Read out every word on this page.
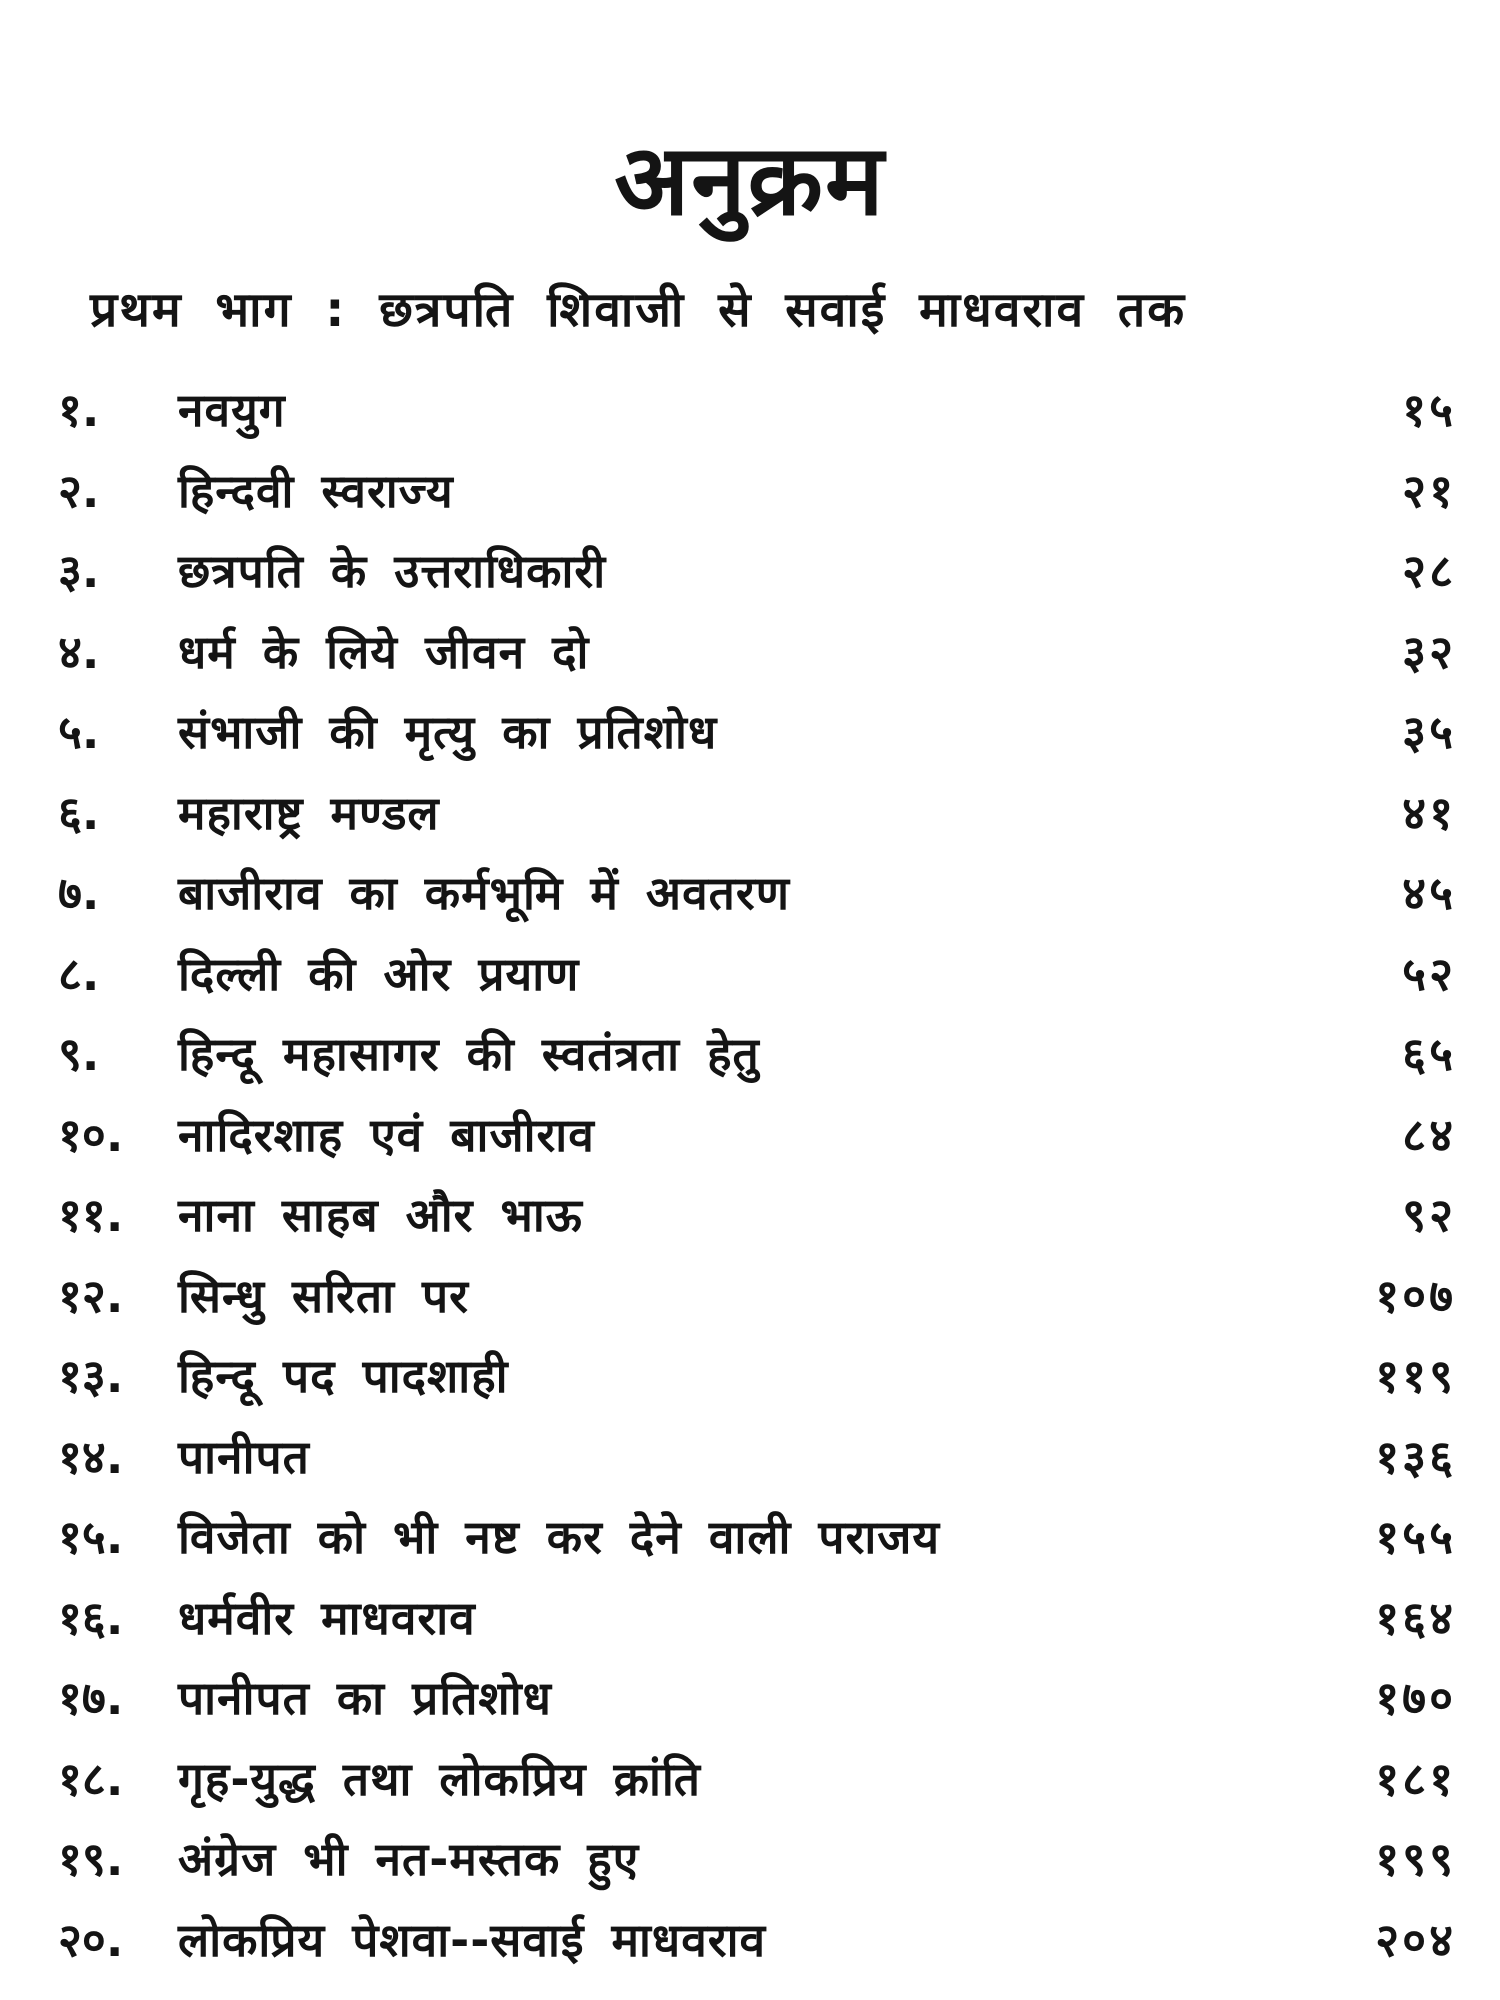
अनुक्रम
प्रथम भाग : छत्रपति शिवाजी से सवाई माधवराव तक
१. नवयुग	१५
२. हिन्दवी स्वराज्य	२१
३. छत्रपति के उत्तराधिकारी	२८
४. धर्म के लिये जीवन दो	३२
५. संभाजी की मृत्यु का प्रतिशोध	३५
६. महाराष्ट्र मण्डल	४१
७. बाजीराव का कर्मभूमि में अवतरण	४५
८. दिल्ली की ओर प्रयाण	५२
९. हिन्दू महासागर की स्वतंत्रता हेतु	६५
१०. नादिरशाह एवं बाजीराव	८४
११. नाना साहब और भाऊ	९२
१२. सिन्धु सरिता पर	१०७
१३. हिन्दू पद पादशाही	११९
१४. पानीपत	१३६
१५. विजेता को भी नष्ट कर देने वाली पराजय	१५५
१६. धर्मवीर माधवराव	१६४
१७. पानीपत का प्रतिशोध	१७०
१८. गृह-युद्ध तथा लोकप्रिय क्रांति	१८१
१९. अंग्रेज भी नत-मस्तक हुए	१९९
२०. लोकप्रिय पेशवा--सवाई माधवराव	२०४
